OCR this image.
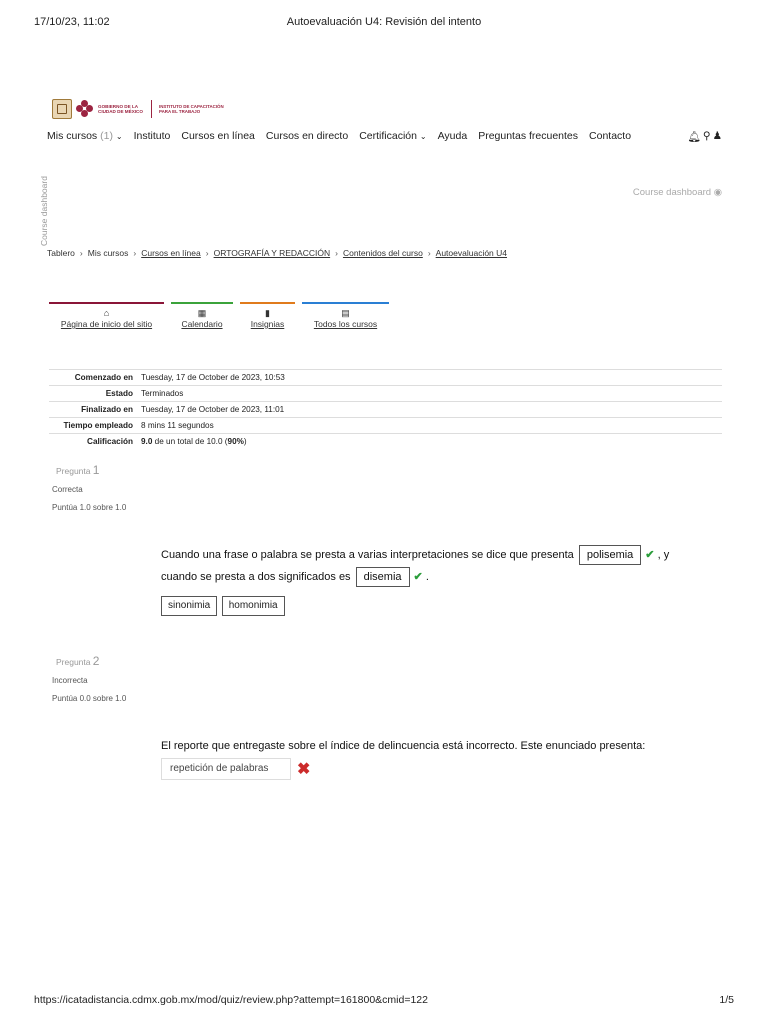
17/10/23, 11:02	Autoevaluación U4: Revisión del intento
GOBIERNO DE LA
CIUDAD DE MÉXICO
INSTITUTO DE CAPACITACIÓN
PARA EL TRABAJO
Mis cursos (1) ⌄ Instituto Cursos en línea Cursos en directo Certificación ⌄ Ayuda Preguntas frecuentes Contacto	🔔︎ ⚲ ♟
Course dashboard	Course dashboard ◉
Tablero › Mis cursos › Cursos en línea › ORTOGRAFÍA Y REDACCIÓN › Contenidos del curso › Autoevaluación U4
⌂
Página de inicio del sitio
▦
Calendario
▮
Insignias
▤
Todos los cursos
Comenzado en	Tuesday, 17 de October de 2023, 10:53
Estado	Terminados
Finalizado en	Tuesday, 17 de October de 2023, 11:01
Tiempo empleado	8 mins 11 segundos
Calificación	9.0 de un total de 10.0 (90%)
Pregunta 1
Correcta
Puntúa 1.0 sobre 1.0
Cuando una frase o palabra se presta a varias interpretaciones se dice que presenta polisemia ✔ , y
cuando se presta a dos significados es disemia ✔ .
sinonimia homonimia
Pregunta 2
Incorrecta
Puntúa 0.0 sobre 1.0
El reporte que entregaste sobre el índice de delincuencia está incorrecto. Este enunciado presenta:
repetición de palabras	✖
https://icatadistancia.cdmx.gob.mx/mod/quiz/review.php?attempt=161800&cmid=122	1/5
